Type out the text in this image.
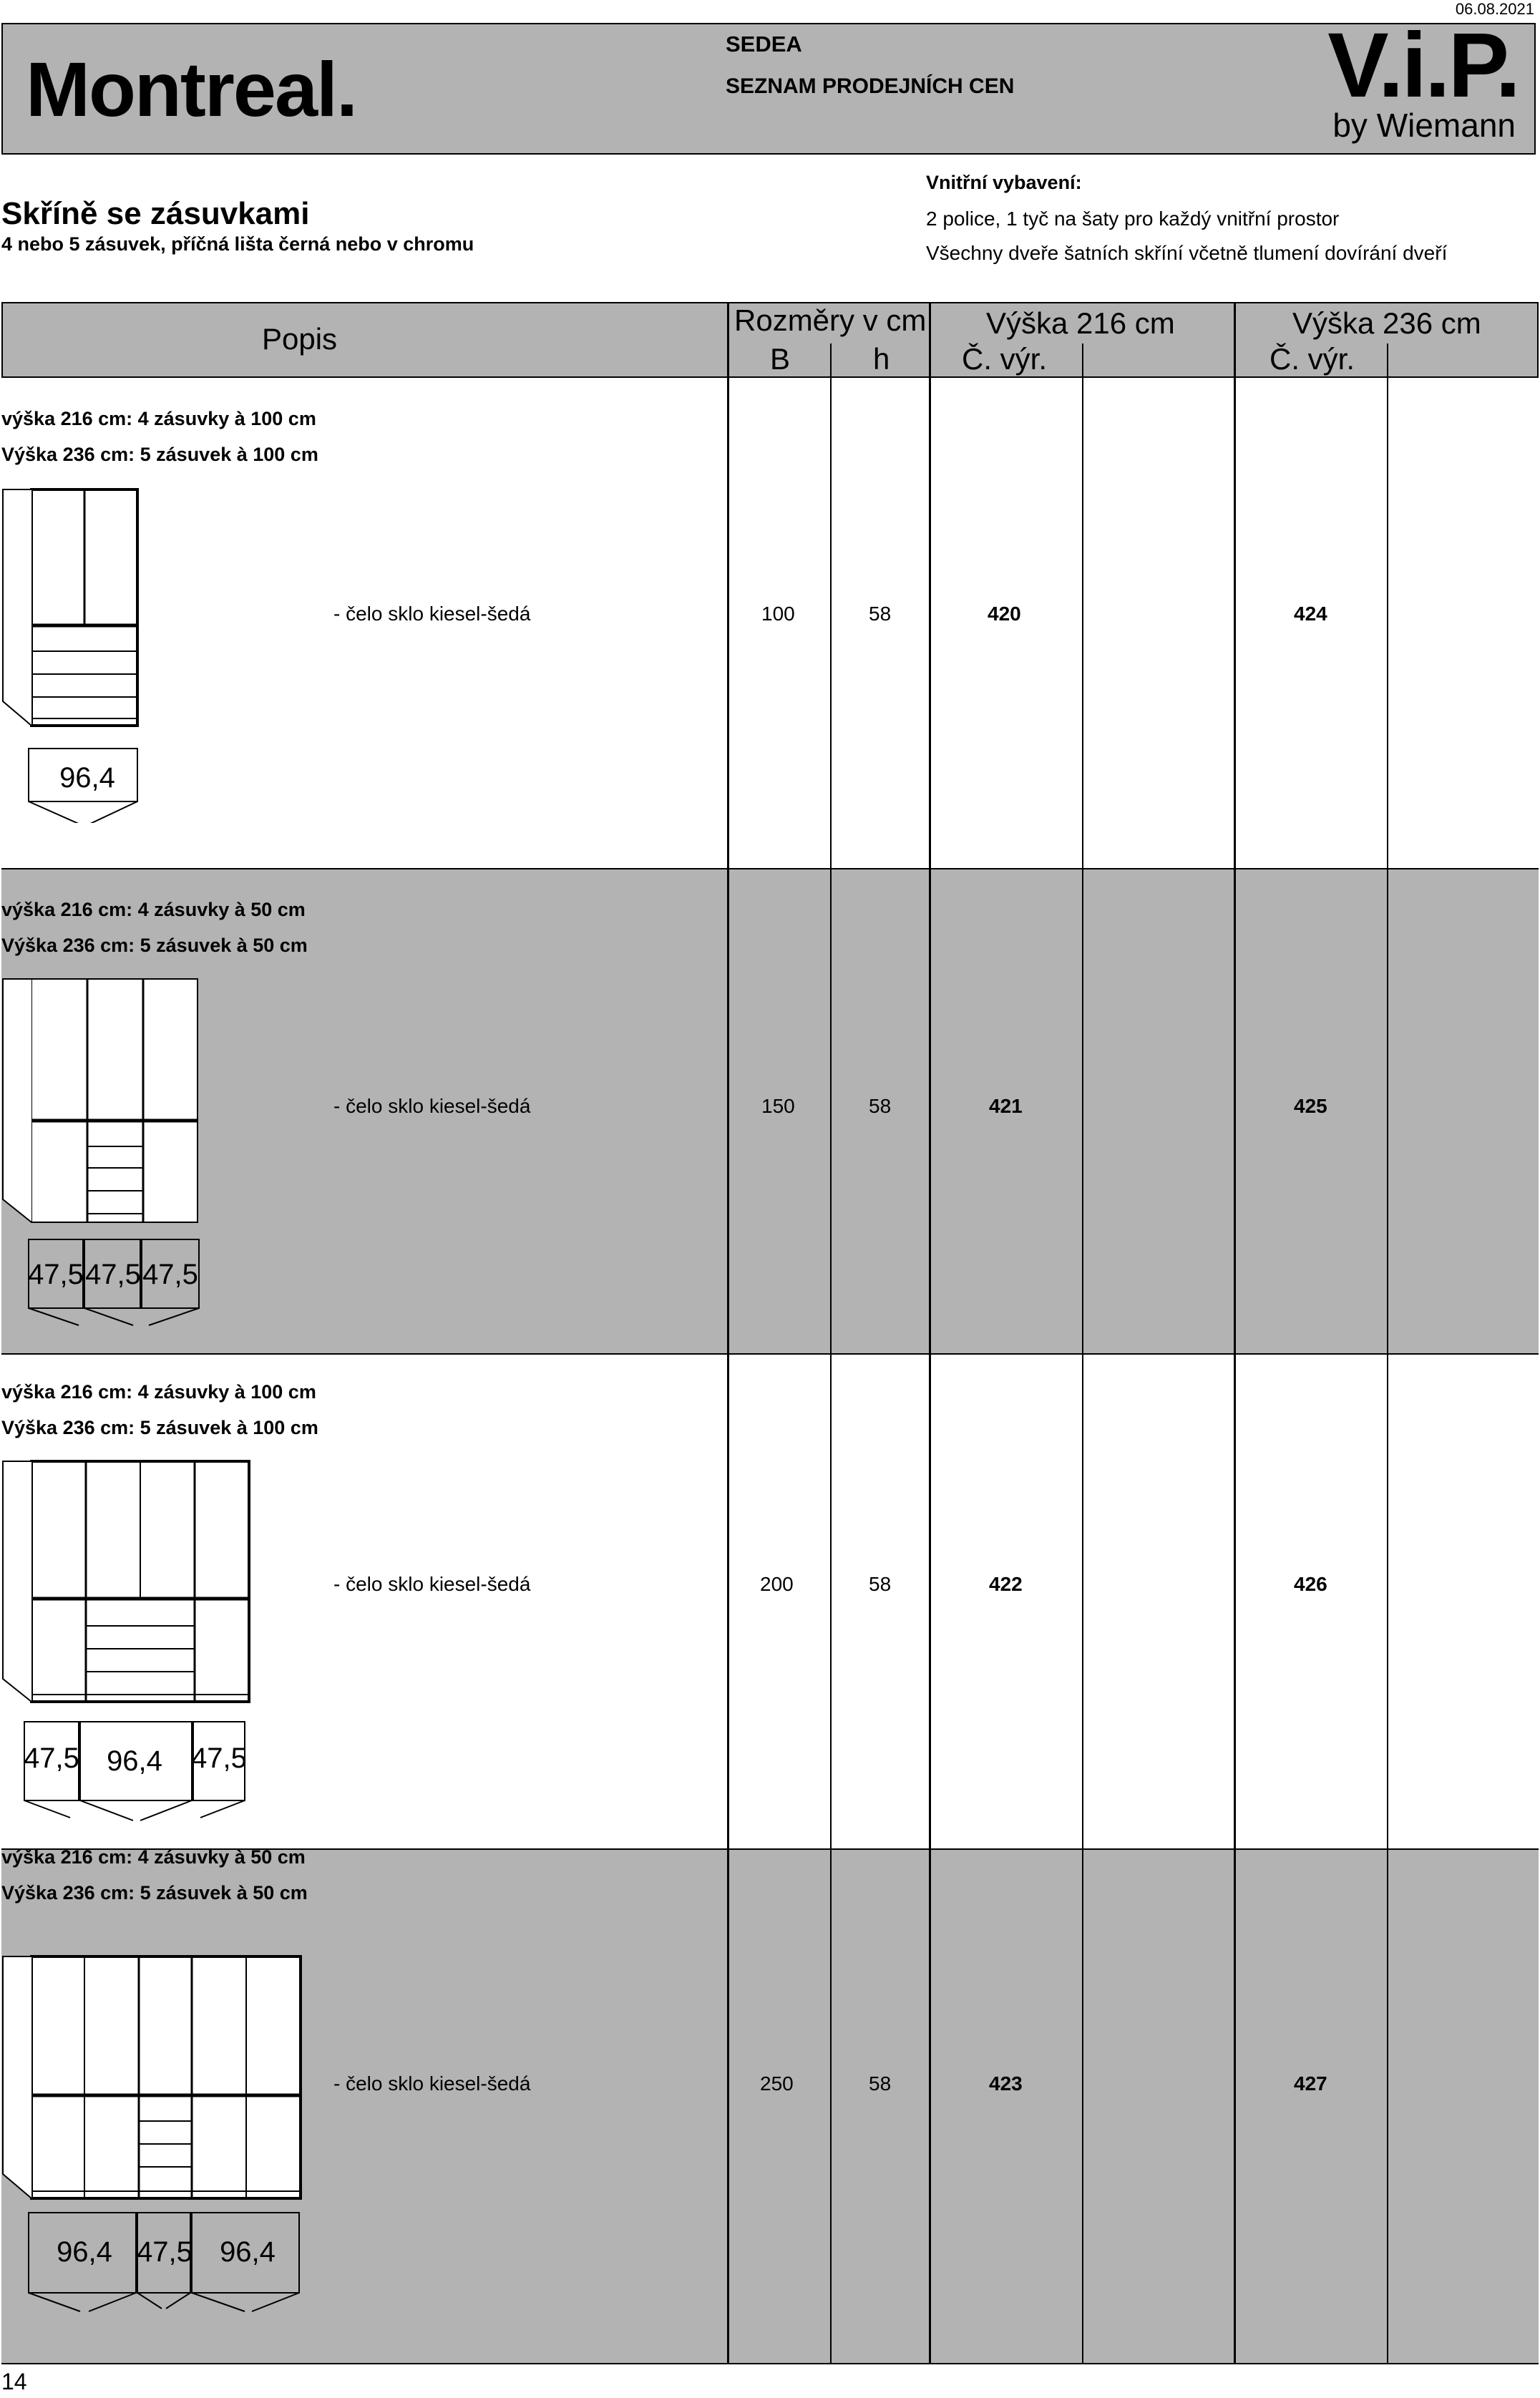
06.08.2021
Montreal.
SEDEA
SEZNAM PRODEJNÍCH CEN	V.i.P.
by Wiemann
Skříně se zásuvkami
4 nebo 5 zásuvek, příčná lišta černá nebo v chromu
Vnitřní vybavení:
2 police, 1 tyč na šaty pro každý vnitřní prostor
Všechny dveře šatních skříní včetně tlumení dovírání dveří
Popis
Rozměry v cm
B	h
Výška 216 cm	Výška 236 cm
Č. výr.	Č. výr.
výška 216 cm: 4 zásuvky à 100 cm
Výška 236 cm: 5 zásuvek à 100 cm
96,4
- čelo sklo kiesel-šedá	100	58	420	424
výška 216 cm: 4 zásuvky à 50 cm
Výška 236 cm: 5 zásuvek à 50 cm
47,5 47,5 47,5
- čelo sklo kiesel-šedá	150	58	421	425
výška 216 cm: 4 zásuvky à 100 cm
Výška 236 cm: 5 zásuvek à 100 cm
47,5 96,4 47,5
- čelo sklo kiesel-šedá	200	58	422	426
výška 216 cm: 4 zásuvky à 50 cm
Výška 236 cm: 5 zásuvek à 50 cm
96,4 47,5 96,4
- čelo sklo kiesel-šedá	250	58	423	427
14
